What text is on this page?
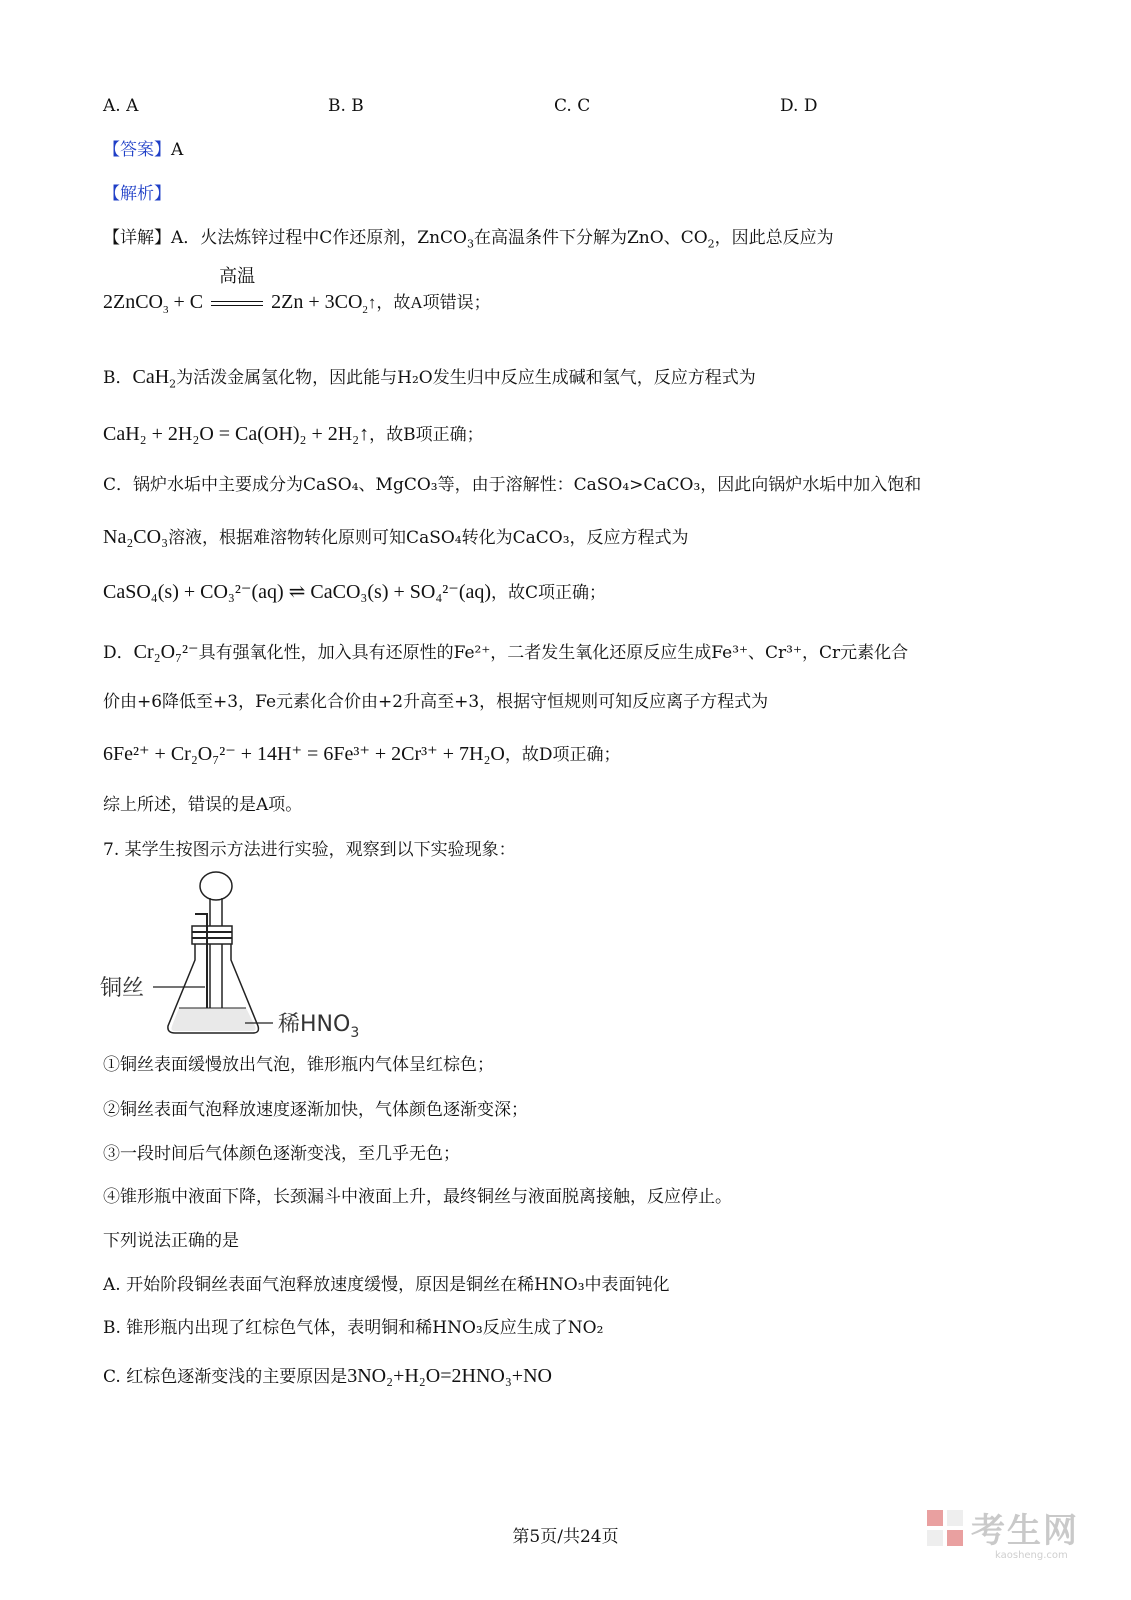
A. A	B. B	C. C	D. D
【答案】A
【解析】
【详解】A．火法炼锌过程中C作还原剂，ZnCO$_3$在高温条件下分解为ZnO、$CO_2$，因此总反应为
2ZnCO$_3$ + C
高温
$2Zn + 3CO_2↑$，故A项错误；
B．CaH$_2$为活泼金属氢化物，因此能与H₂O发生归中反应生成碱和氢气，反应方程式为
CaH₂ + 2H₂O = Ca(OH)₂ + 2H₂↑，故B项正确；
C．锅炉水垢中主要成分为CaSO₄、MgCO₃等，由于溶解性：CaSO₄>CaCO₃，因此向锅炉水垢中加入饱和
Na₂CO₃溶液，根据难溶物转化原则可知CaSO₄转化为CaCO₃，反应方程式为
CaSO₄(s) + CO₃²⁻(aq) ⇌ CaCO₃(s) + SO₄²⁻(aq)，故C项正确；
D．Cr₂O₇²⁻具有强氧化性，加入具有还原性的Fe²⁺，二者发生氧化还原反应生成Fe³⁺、Cr³⁺，Cr元素化合
价由+6降低至+3，Fe元素化合价由+2升高至+3，根据守恒规则可知反应离子方程式为
6Fe²⁺ + Cr₂O₇²⁻ + 14H⁺ = 6Fe³⁺ + 2Cr³⁺ + 7H₂O，故D项正确；
综上所述，错误的是A项。
7. 某学生按图示方法进行实验，观察到以下实验现象：
铜丝
稀$HNO_3$
①铜丝表面缓慢放出气泡，锥形瓶内气体呈红棕色；
②铜丝表面气泡释放速度逐渐加快，气体颜色逐渐变深；
③一段时间后气体颜色逐渐变浅，至几乎无色；
④锥形瓶中液面下降，长颈漏斗中液面上升，最终铜丝与液面脱离接触，反应停止。
下列说法正确的是
A. 开始阶段铜丝表面气泡释放速度缓慢，原因是铜丝在稀HNO₃中表面钝化
B. 锥形瓶内出现了红棕色气体，表明铜和稀HNO₃反应生成了NO₂
C. 红棕色逐渐变浅的主要原因是3NO₂+H₂O=2HNO₃+NO
第5页/共24页	考生网
kaosheng.com
